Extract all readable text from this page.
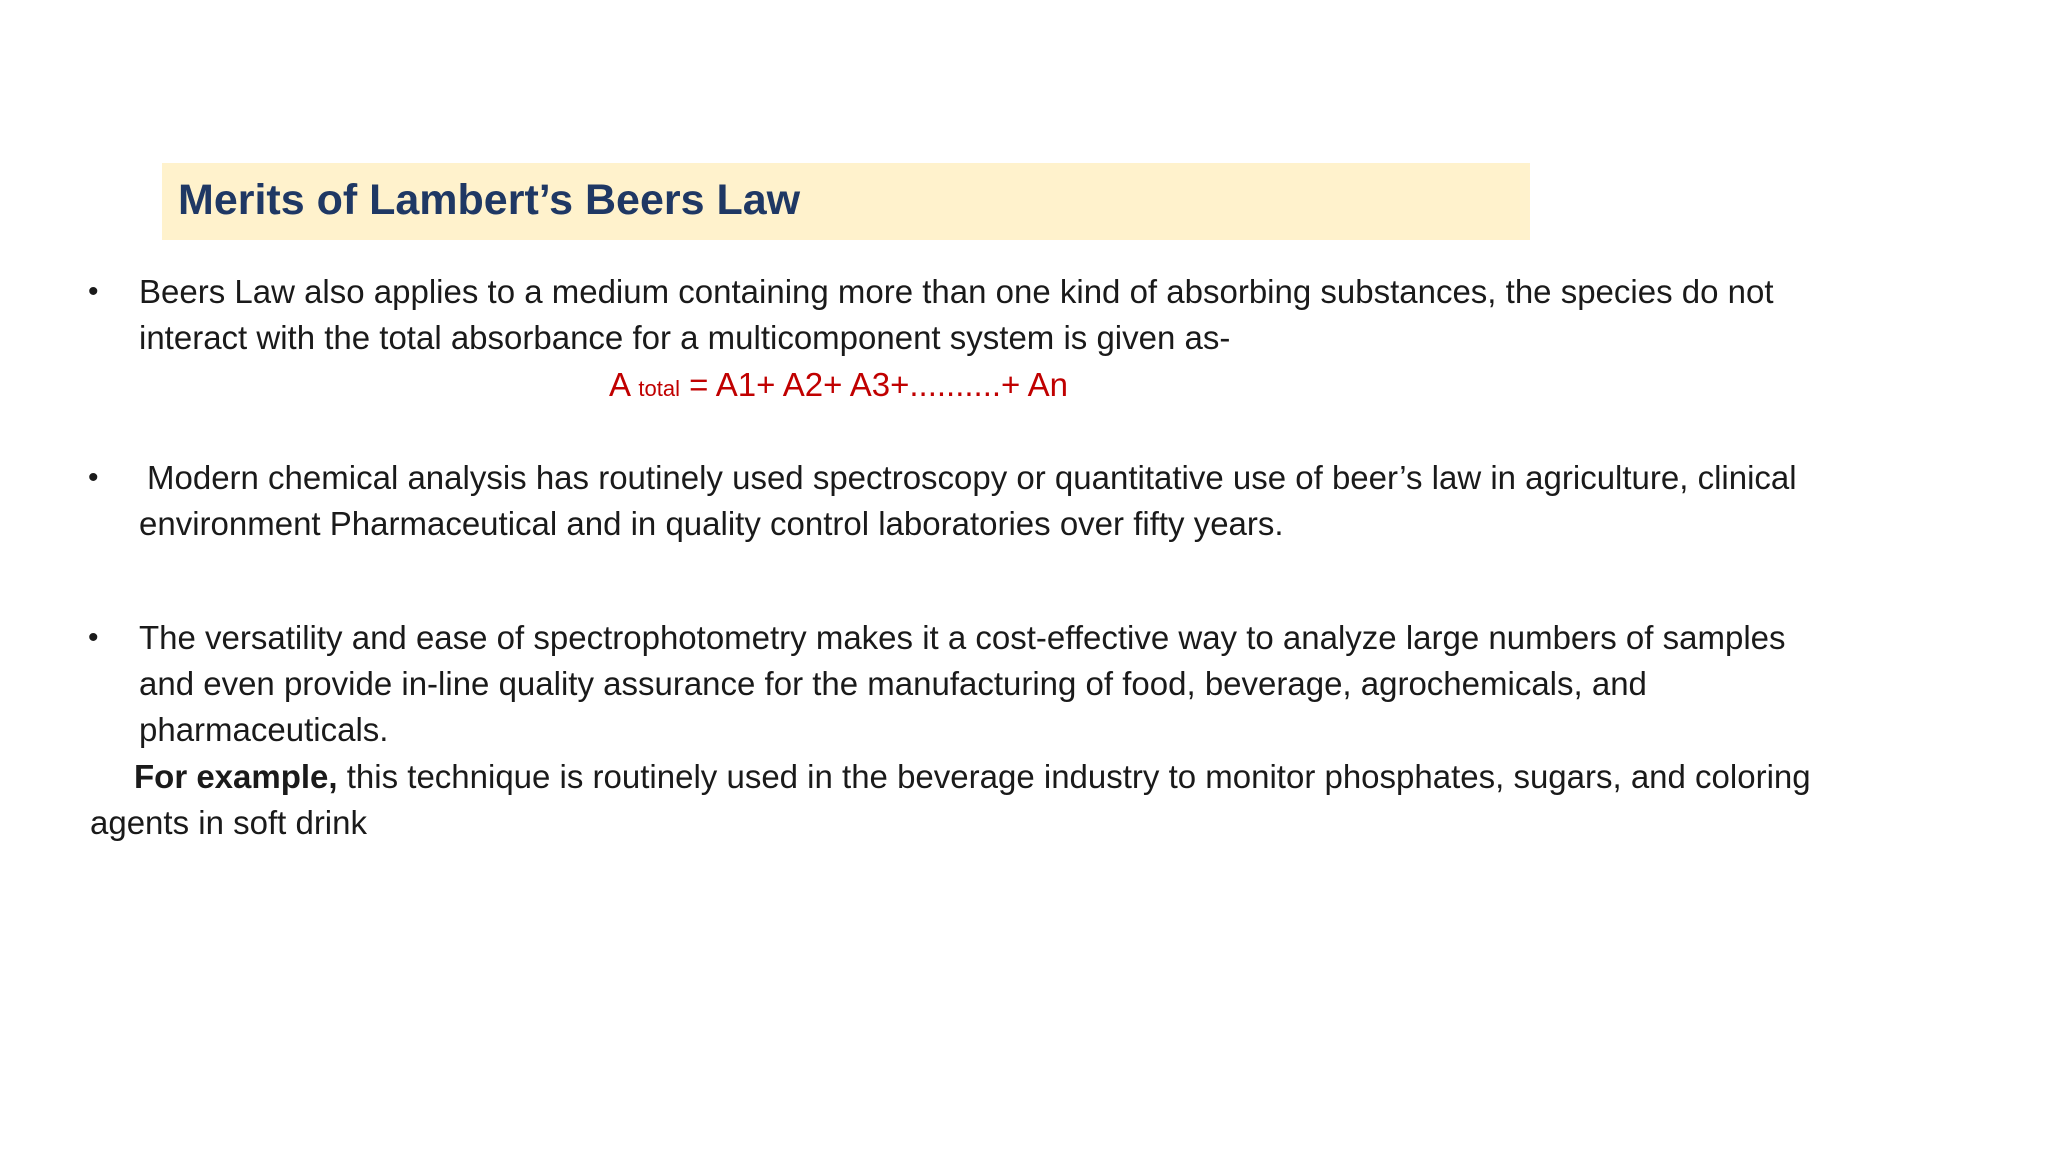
Merits of Lambert’s Beers Law
• Beers Law also applies to a medium containing more than one kind of absorbing substances, the species do not
interact with the total absorbance for a multicomponent system is given as-
A total = A1+ A2+ A3+..........+ An
• Modern chemical analysis has routinely used spectroscopy or quantitative use of beer’s law in agriculture, clinical
environment Pharmaceutical and in quality control laboratories over fifty years.
• The versatility and ease of spectrophotometry makes it a cost-effective way to analyze large numbers of samples
and even provide in-line quality assurance for the manufacturing of food, beverage, agrochemicals, and
pharmaceuticals.
For example, this technique is routinely used in the beverage industry to monitor phosphates, sugars, and coloring
agents in soft drink
